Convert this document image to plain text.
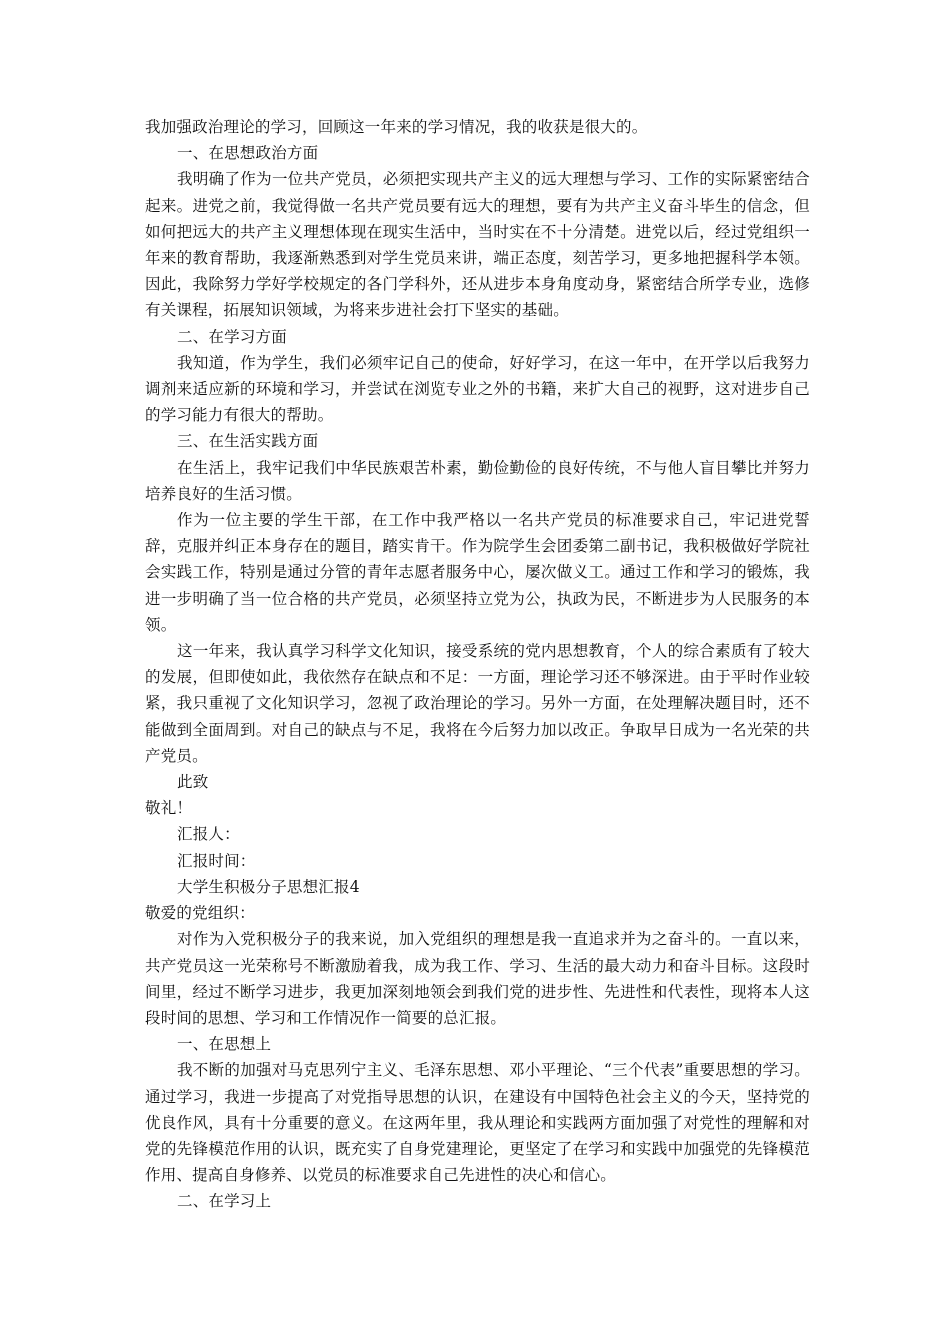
我加强政治理论的学习，回顾这一年来的学习情况，我的收获是很大的。

一、在思想政治方面

我明确了作为一位共产党员，必须把实现共产主义的远大理想与学习、工作的实际紧密结合起来。进党之前，我觉得做一名共产党员要有远大的理想，要有为共产主义奋斗毕生的信念，但如何把远大的共产主义理想体现在现实生活中，当时实在不十分清楚。进党以后，经过党组织一年来的教育帮助，我逐渐熟悉到对学生党员来讲，端正态度，刻苦学习，更多地把握科学本领。因此，我除努力学好学校规定的各门学科外，还从进步本身角度动身，紧密结合所学专业，选修有关课程，拓展知识领域，为将来步进社会打下坚实的基础。

二、在学习方面

我知道，作为学生，我们必须牢记自己的使命，好好学习，在这一年中，在开学以后我努力调剂来适应新的环境和学习，并尝试在浏览专业之外的书籍，来扩大自己的视野，这对进步自己的学习能力有很大的帮助。

三、在生活实践方面

在生活上，我牢记我们中华民族艰苦朴素，勤俭勤俭的良好传统，不与他人盲目攀比并努力培养良好的生活习惯。

作为一位主要的学生干部，在工作中我严格以一名共产党员的标准要求自己，牢记进党誓辞，克服并纠正本身存在的题目，踏实肯干。作为院学生会团委第二副书记，我积极做好学院社会实践工作，特别是通过分管的青年志愿者服务中心，屡次做义工。通过工作和学习的锻炼，我进一步明确了当一位合格的共产党员，必须坚持立党为公，执政为民，不断进步为人民服务的本领。

这一年来，我认真学习科学文化知识，接受系统的党内思想教育，个人的综合素质有了较大的发展，但即使如此，我依然存在缺点和不足：一方面，理论学习还不够深进。由于平时作业较紧，我只重视了文化知识学习，忽视了政治理论的学习。另外一方面，在处理解决题目时，还不能做到全面周到。对自己的缺点与不足，我将在今后努力加以改正。争取早日成为一名光荣的共产党员。

此致

敬礼！

汇报人：

汇报时间：

大学生积极分子思想汇报4

敬爱的党组织：

对作为入党积极分子的我来说，加入党组织的理想是我一直追求并为之奋斗的。一直以来，共产党员这一光荣称号不断激励着我，成为我工作、学习、生活的最大动力和奋斗目标。这段时间里，经过不断学习进步，我更加深刻地领会到我们党的进步性、先进性和代表性，现将本人这段时间的思想、学习和工作情况作一简要的总汇报。

一、在思想上

我不断的加强对马克思列宁主义、毛泽东思想、邓小平理论、“三个代表”重要思想的学习。通过学习，我进一步提高了对党指导思想的认识，在建设有中国特色社会主义的今天，坚持党的优良作风，具有十分重要的意义。在这两年里，我从理论和实践两方面加强了对党性的理解和对党的先锋模范作用的认识，既充实了自身党建理论，更坚定了在学习和实践中加强党的先锋模范作用、提高自身修养、以党员的标准要求自己先进性的决心和信心。

二、在学习上
